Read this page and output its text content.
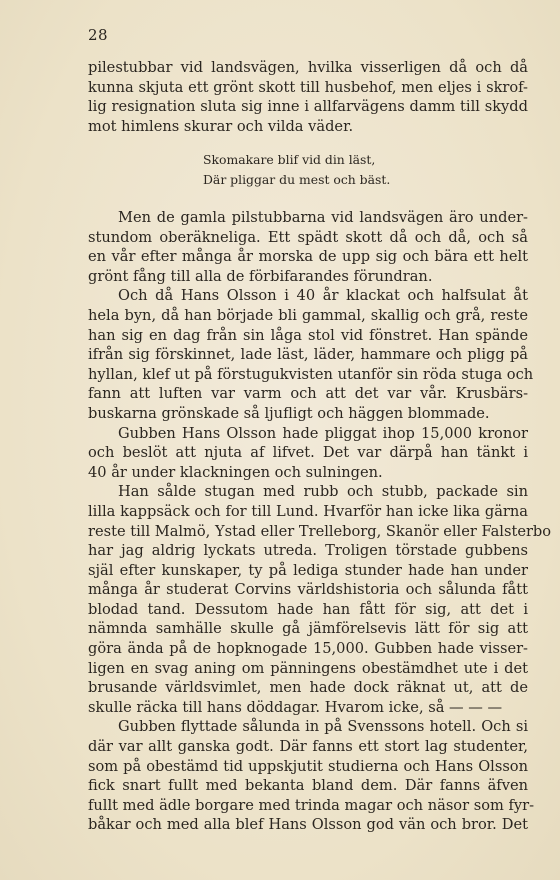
28
pilestubbar vid landsvägen, hvilka visserligen då och då
kunna skjuta ett grönt skott till husbehof, men eljes i skrof-
lig resignation sluta sig inne i allfarvägens damm till skydd
mot himlens skurar och vilda väder.
Skomakare blif vid din läst,
Där pliggar du mest och bäst.
Men de gamla pilstubbarna vid landsvägen äro under-
stundom oberäkneliga. Ett spädt skott då och då, och så
en vår efter många år morska de upp sig och bära ett helt
grönt fång till alla de förbifarandes förundran.
Och då Hans Olsson i 40 år klackat och halfsulat åt
hela byn, då han började bli gammal, skallig och grå, reste
han sig en dag från sin låga stol vid fönstret. Han spände
ifrån sig förskinnet, lade läst, läder, hammare och pligg på
hyllan, klef ut på förstugukvisten utanför sin röda stuga och
fann att luften var varm och att det var vår. Krusbärs-
buskarna grönskade så ljufligt och häggen blommade.
Gubben Hans Olsson hade pliggat ihop 15,000 kronor
och beslöt att njuta af lifvet. Det var därpå han tänkt i
40 år under klackningen och sulningen.
Han sålde stugan med rubb och stubb, packade sin
lilla kappsäck och for till Lund. Hvarför han icke lika gärna
reste till Malmö, Ystad eller Trelleborg, Skanör eller Falsterbo
har jag aldrig lyckats utreda. Troligen törstade gubbens
själ efter kunskaper, ty på lediga stunder hade han under
många år studerat Corvins världshistoria och sålunda fått
blodad tand. Dessutom hade han fått för sig, att det i
nämnda samhälle skulle gå jämförelsevis lätt för sig att
göra ända på de hopknogade 15,000. Gubben hade visser-
ligen en svag aning om pänningens obestämdhet ute i det
brusande världsvimlet, men hade dock räknat ut, att de
skulle räcka till hans döddagar. Hvarom icke, så — — —
Gubben flyttade sålunda in på Svenssons hotell. Och si
där var allt ganska godt. Där fanns ett stort lag studenter,
som på obestämd tid uppskjutit studierna och Hans Olsson
fick snart fullt med bekanta bland dem. Där fanns äfven
fullt med ädle borgare med trinda magar och näsor som fyr-
båkar och med alla blef Hans Olsson god vän och bror. Det
